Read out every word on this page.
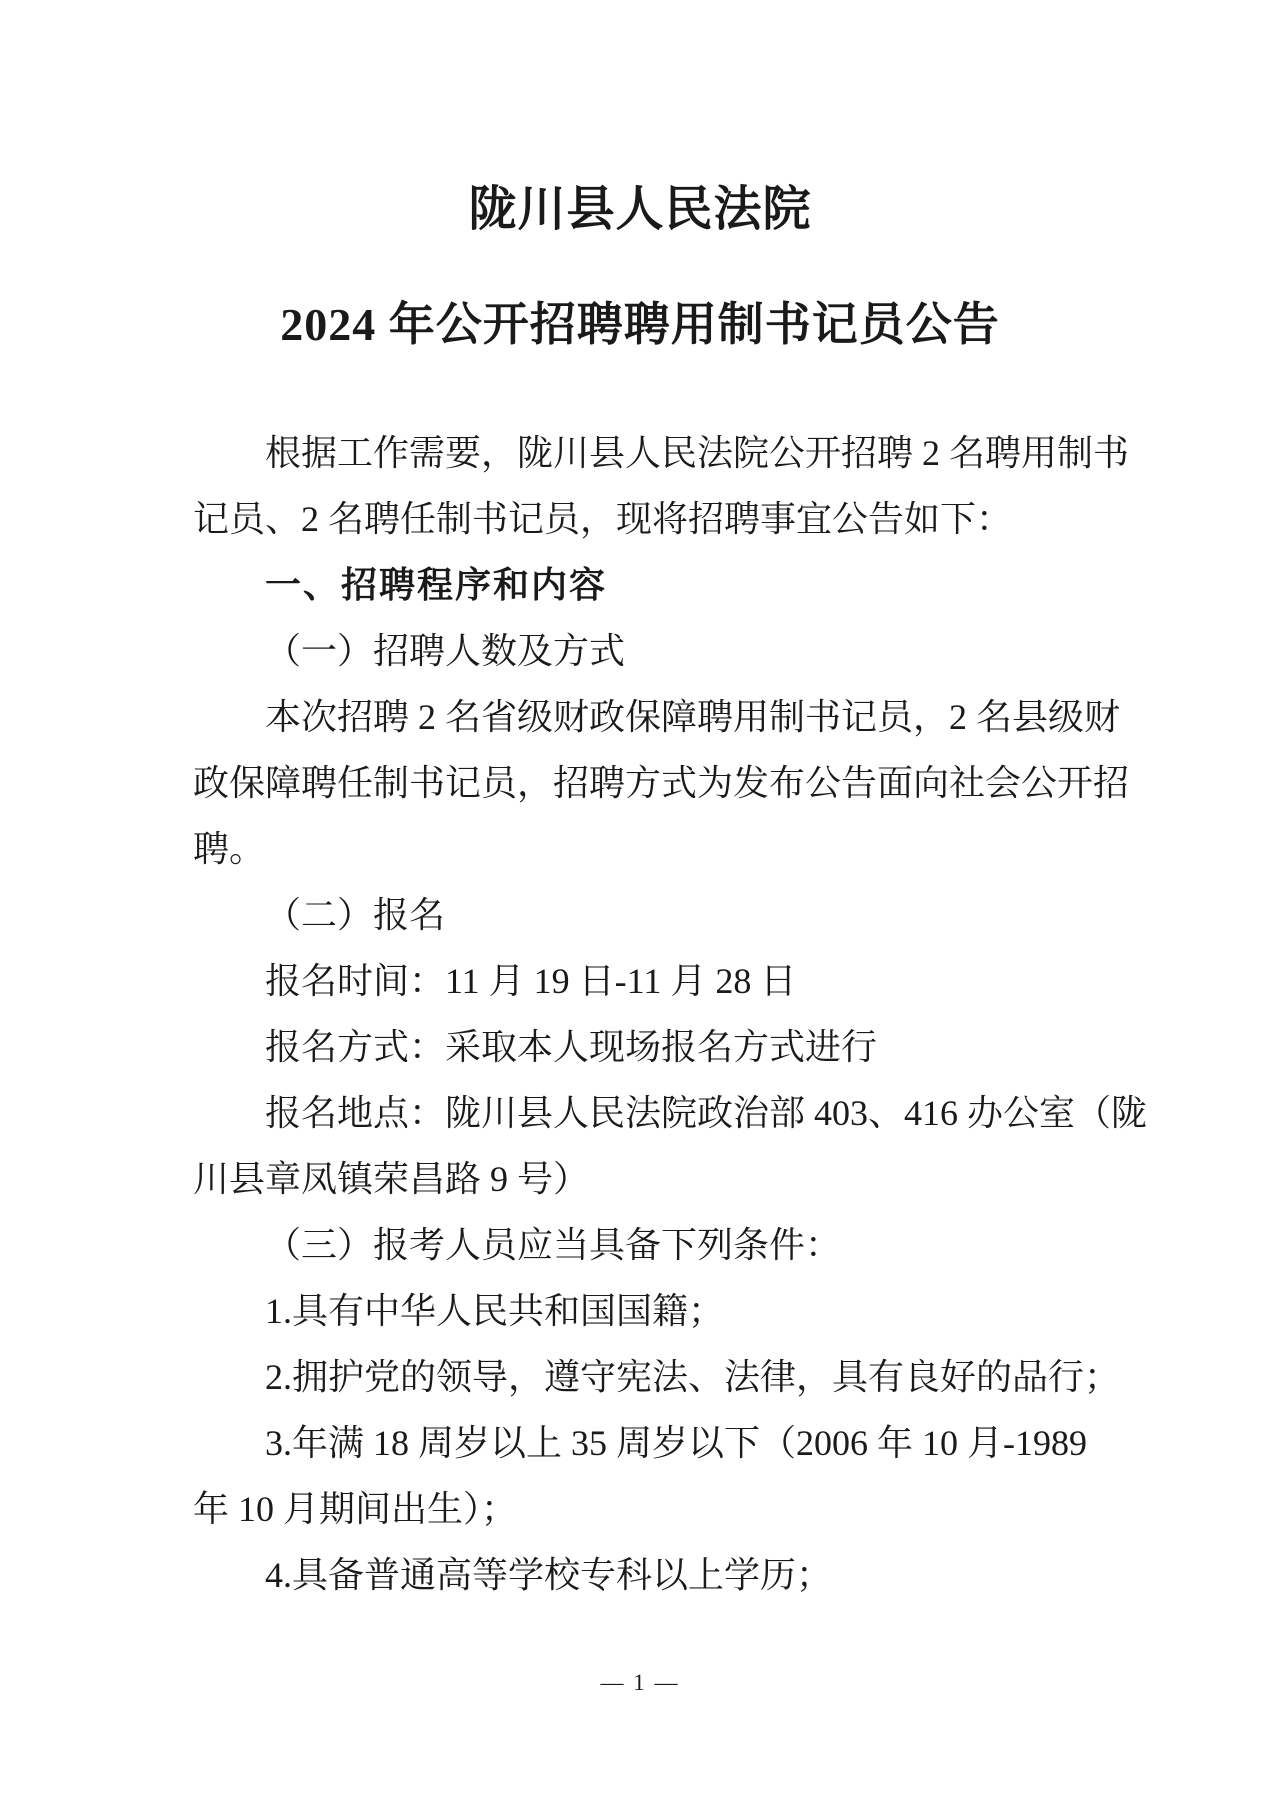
陇川县人民法院
2024 年公开招聘聘用制书记员公告
根据工作需要，陇川县人民法院公开招聘 2 名聘用制书
记员、2 名聘任制书记员，现将招聘事宜公告如下：
一、招聘程序和内容
（一）招聘人数及方式
本次招聘 2 名省级财政保障聘用制书记员，2 名县级财
政保障聘任制书记员，招聘方式为发布公告面向社会公开招
聘。
（二）报名
报名时间：11 月 19 日-11 月 28 日
报名方式：采取本人现场报名方式进行
报名地点：陇川县人民法院政治部 403、416 办公室（陇
川县章凤镇荣昌路 9 号）
（三）报考人员应当具备下列条件：
1.具有中华人民共和国国籍；
2.拥护党的领导，遵守宪法、法律，具有良好的品行；
3.年满 18 周岁以上 35 周岁以下（2006 年 10 月-1989
年 10 月期间出生）；
4.具备普通高等学校专科以上学历；
— 1 —
